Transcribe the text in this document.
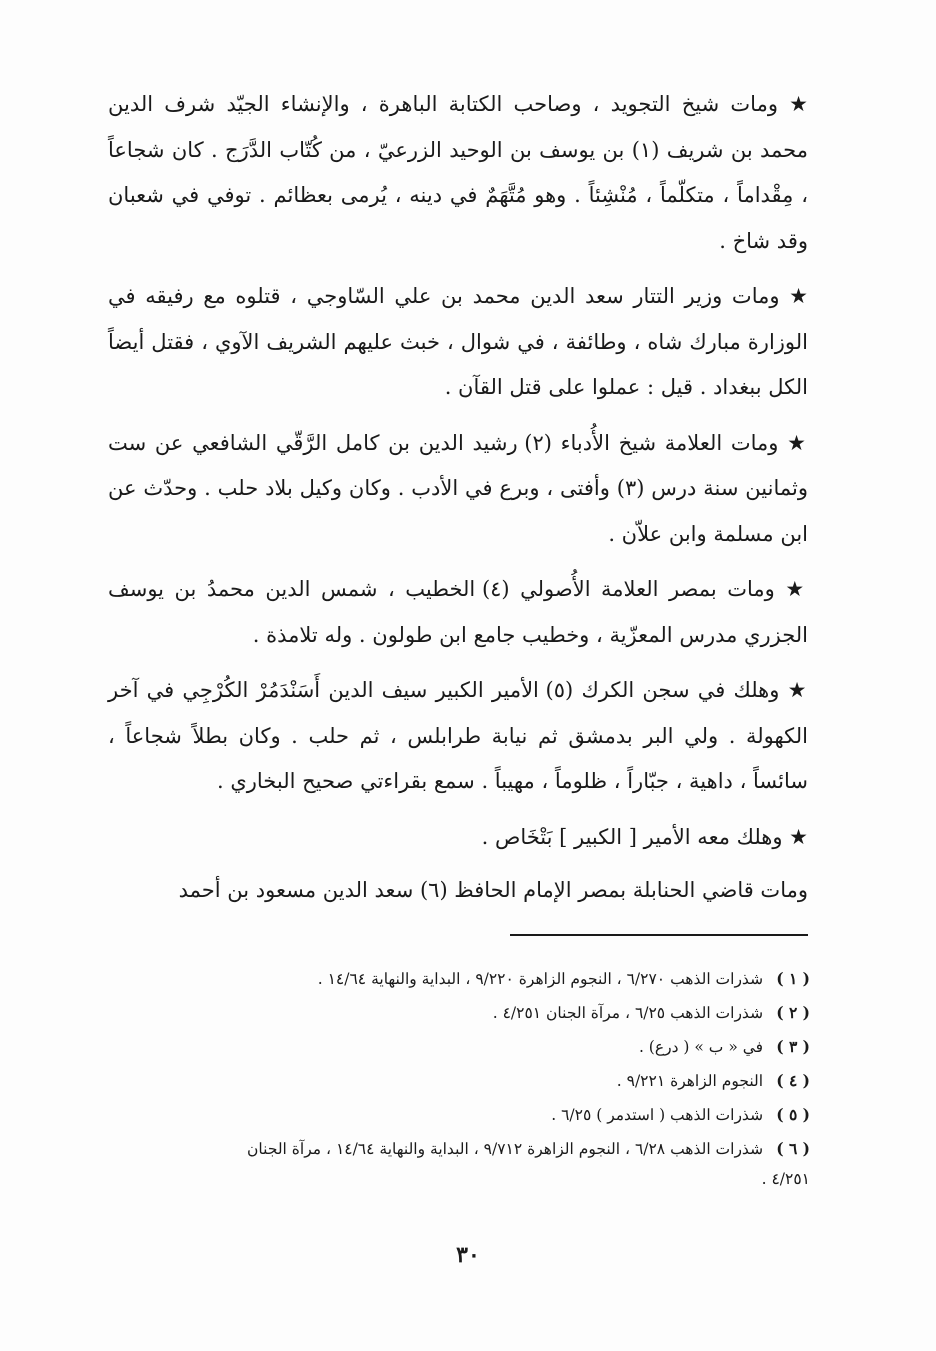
★ ومات شيخ التجويد ، وصاحب الكتابة الباهرة ، والإنشاء الجيّد شرف الدين محمد بن شريف (١) بن يوسف بن الوحيد الزرعيّ ، من كُتّاب الدَّرَج . كان شجاعاً ، مِقْداماً ، متكلّماً ، مُنْشِئاً . وهو مُتَّهَمٌ في دينه ، يُرمى بعظائم . توفي في شعبان وقد شاخ .

★ ومات وزير التتار سعد الدين محمد بن علي السّاوجي ، قتلوه مع رفيقه في الوزارة مبارك شاه ، وطائفة ، في شوال ، خبث عليهم الشريف الآوي ، فقتل أيضاً الكل ببغداد . قيل : عملوا على قتل القآن .

★ ومات العلامة شيخ الأُدباء (٢) رشيد الدين بن كامل الرَّقّي الشافعي عن ست وثمانين سنة درس (٣) وأفتى ، وبرع في الأدب . وكان وكيل بلاد حلب . وحدّث عن ابن مسلمة وابن علاّن .

★ ومات بمصر العلامة الأُصولي (٤) الخطيب ، شمس الدين محمدُ بن يوسف الجزري مدرس المعزّية ، وخطيب جامع ابن طولون . وله تلامذة .

★ وهلك في سجن الكرك (٥) الأمير الكبير سيف الدين أَسَنْدَمُرْ الكُرْجِي في آخر الكهولة . ولي البر بدمشق ثم نيابة طرابلس ، ثم حلب . وكان بطلاً شجاعاً ، سائساً ، داهية ، جبّاراً ، ظلوماً ، مهيباً . سمع بقراءتي صحيح البخاري .

★ وهلك معه الأمير [ الكبير ] بَتْخَاص .

ومات قاضي الحنابلة بمصر الإمام الحافظ (٦) سعد الدين مسعود بن أحمد

( ١ ) شذرات الذهب ٦/٢٧٠ ، النجوم الزاهرة ٩/٢٢٠ ، البداية والنهاية ١٤/٦٤ .

( ٢ ) شذرات الذهب ٦/٢٥ ، مرآة الجنان ٤/٢٥١ .

( ٣ ) في « ب » ( درع) .

( ٤ ) النجوم الزاهرة ٩/٢٢١ .

( ٥ ) شذرات الذهب ( استدمر ) ٦/٢٥ .

( ٦ ) شذرات الذهب ٦/٢٨ ، النجوم الزاهرة ٩/٧١٢ ، البداية والنهاية ١٤/٦٤ ، مرآة الجنان ٤/٢٥١ .

٣٠
